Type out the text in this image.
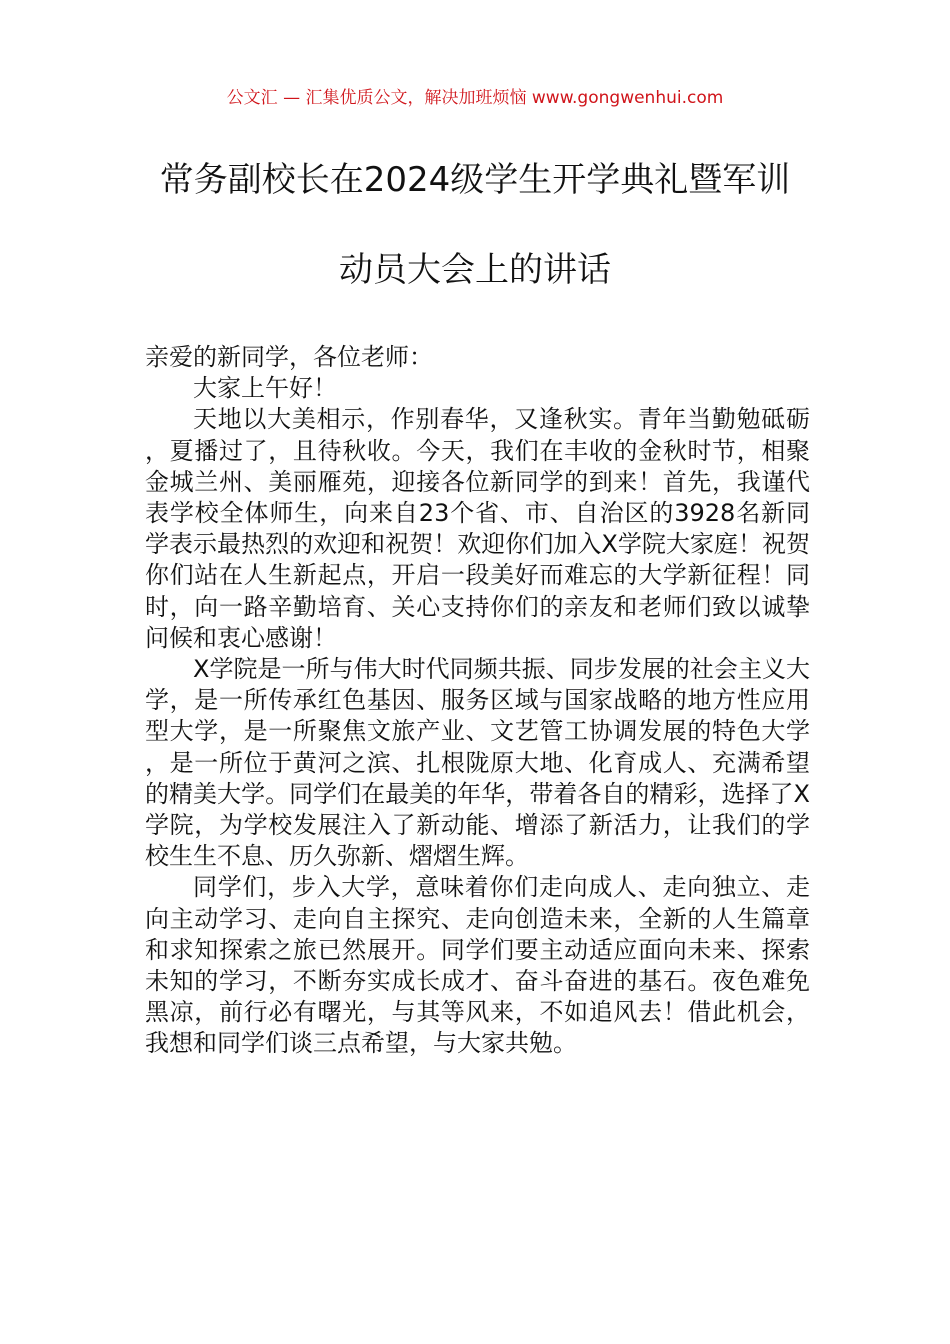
公文汇 — 汇集优质公文，解决加班烦恼 www.gongwenhui.com
常务副校长在2024级学生开学典礼暨军训
动员大会上的讲话

亲爱的新同学，各位老师：

大家上午好！

天地以大美相示，作别春华，又逢秋实。青年当勤勉砥砺，夏播过了，且待秋收。今天，我们在丰收的金秋时节，相聚金城兰州、美丽雁苑，迎接各位新同学的到来！首先，我谨代表学校全体师生，向来自23个省、市、自治区的3928名新同学表示最热烈的欢迎和祝贺！欢迎你们加入X学院大家庭！祝贺你们站在人生新起点，开启一段美好而难忘的大学新征程！同时，向一路辛勤培育、关心支持你们的亲友和老师们致以诚挚问候和衷心感谢！

X学院是一所与伟大时代同频共振、同步发展的社会主义大学，是一所传承红色基因、服务区域与国家战略的地方性应用型大学，是一所聚焦文旅产业、文艺管工协调发展的特色大学，是一所位于黄河之滨、扎根陇原大地、化育成人、充满希望的精美大学。同学们在最美的年华，带着各自的精彩，选择了X学院，为学校发展注入了新动能、增添了新活力，让我们的学校生生不息、历久弥新、熠熠生辉。

同学们，步入大学，意味着你们走向成人、走向独立、走向主动学习、走向自主探究、走向创造未来，全新的人生篇章和求知探索之旅已然展开。同学们要主动适应面向未来、探索未知的学习，不断夯实成长成才、奋斗奋进的基石。夜色难免黑凉，前行必有曙光，与其等风来，不如追风去！借此机会，我想和同学们谈三点希望，与大家共勉。
